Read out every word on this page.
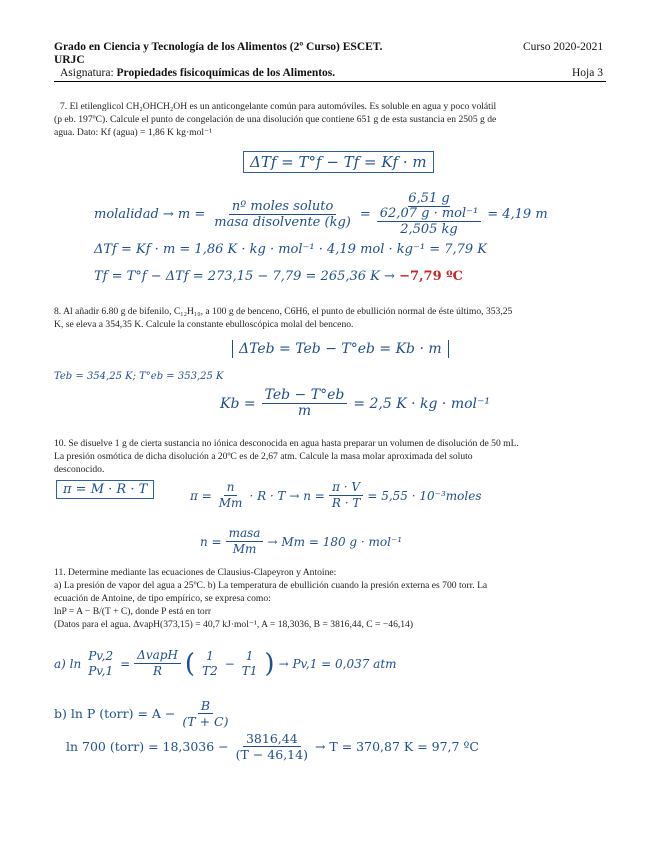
Grado en Ciencia y Tecnología de los Alimentos (2º Curso) ESCET.
URJC
Curso 2020-2021
Asignatura: Propiedades fisicoquímicas de los Alimentos.	Hoja 3
7. El etilenglicol CH₂OHCH₂OH es un anticongelante común para automóviles. Es soluble en agua y poco volátil
(p eb. 197ºC). Calcule el punto de congelación de una disolución que contiene 651 g de esta sustancia en 2505 g de
agua. Dato: Kf (agua) = 1,86 K kg·mol⁻¹
ΔTf = T°f − Tf = Kf · m
molalidad → $m = \frac{\text{nº moles soluto}}{\text{masa disolvente (kg)}} = 6,51$ g
62,07 g · mol⁻¹
2,505 kg = 4,19 m
ΔTf = Kf · m = 1,86 K · kg · mol⁻¹ · 4,19 mol · kg⁻¹ = 7,79 K
Tf = T°f − ΔTf = 273,15 − 7,79 = 265,36 K → −7,79 ºC
8. Al añadir 6.80 g de bifenilo, C₁₂H₁₀, a 100 g de benceno, C6H6, el punto de ebullición normal de éste último, 353,25
K, se eleva a 354,35 K. Calcule la constante ebulloscópica molal del benceno.
ΔTeb = Teb − T°eb = Kb · m
Teb = 354,25 K; T°eb = 353,25 K
$Kb = \frac{\text{Teb − T°eb}}{m} = 2,5$ K · kg · mol⁻¹
10. Se disuelve 1 g de cierta sustancia no iónica desconocida en agua hasta preparar un volumen de disolución de 50 mL.
La presión osmótica de dicha disolución a 20ºC es de 2,67 atm. Calcule la masa molar aproximada del soluto
desconocido.
π = M · R · T	$\pi = \frac{n}{Mm} \cdot R \cdot T \to n = \frac{\pi \cdot V}{R \cdot T} = 5,55$ · 10⁻³moles
$n = \frac{\text{masa}}{Mm} \to Mm = 180$ g · mol⁻¹
11. Determine mediante las ecuaciones de Clausius-Clapeyron y Antoine:
a) La presión de vapor del agua a 25ºC. b) La temperatura de ebullición cuando la presión externa es 700 torr. La
ecuación de Antoine, de tipo empírico, se expresa como:
lnP = A − B/(T + C), donde P está en torr
(Datos para el agua. ΔvapH(373,15) = 40,7 kJ·mol⁻¹, A = 18,3036, B = 3816,44, C = −46,14)
a) ln
Pv,2
$Pv,1 = \frac{\text{ΔvapH}}{R}$ ( 1
T2 −
1
T1 ) → Pv,1 = 0,037 atm
b) ln P (torr) = $A - \frac{B}{(T + C)}$
ln 700 (torr) = $18,3036 - \frac{3816,44}{(T - 46,14)} \to T = 370,87$ K = 97,7 ºC
